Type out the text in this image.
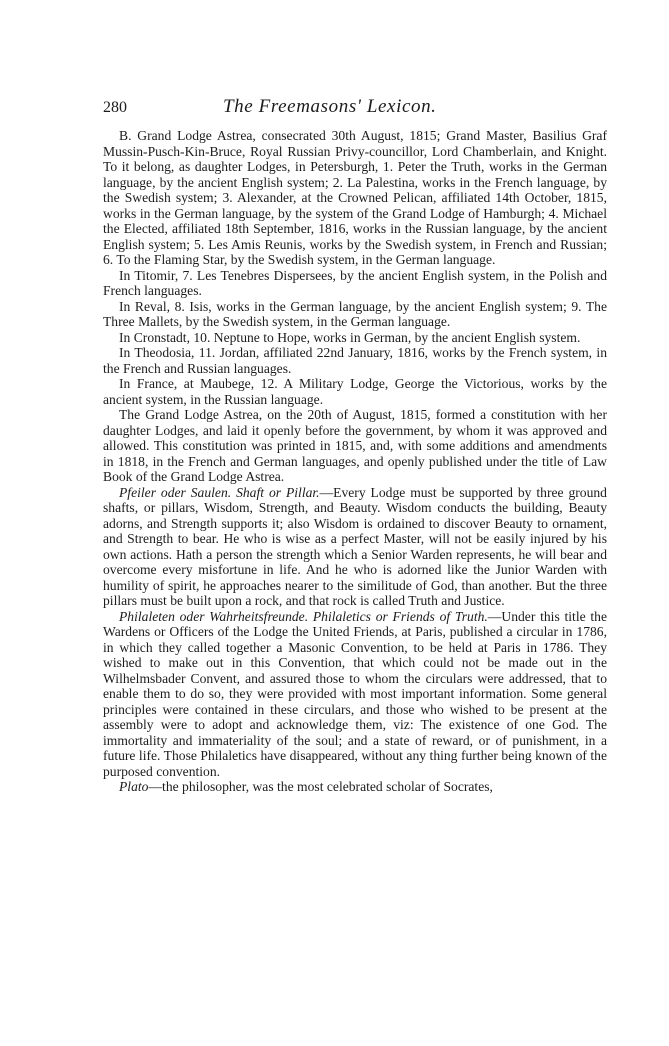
280	The Freemasons' Lexicon.

B. Grand Lodge Astrea, consecrated 30th August, 1815; Grand Master, Basilius Graf Mussin-Pusch-Kin-Bruce, Royal Russian Privy-councillor, Lord Chamberlain, and Knight. To it belong, as daughter Lodges, in Petersburgh, 1. Peter the Truth, works in the German language, by the ancient English system; 2. La Palestina, works in the French language, by the Swedish system; 3. Alexander, at the Crowned Pelican, affiliated 14th October, 1815, works in the German language, by the system of the Grand Lodge of Hamburgh; 4. Michael the Elected, affiliated 18th September, 1816, works in the Russian language, by the ancient English system; 5. Les Amis Reunis, works by the Swedish system, in French and Russian; 6. To the Flaming Star, by the Swedish system, in the German language.

In Titomir, 7. Les Tenebres Dispersees, by the ancient English system, in the Polish and French languages.

In Reval, 8. Isis, works in the German language, by the ancient English system; 9. The Three Mallets, by the Swedish system, in the German language.

In Cronstadt, 10. Neptune to Hope, works in German, by the ancient English system.

In Theodosia, 11. Jordan, affiliated 22nd January, 1816, works by the French system, in the French and Russian languages.

In France, at Maubege, 12. A Military Lodge, George the Victorious, works by the ancient system, in the Russian language.

The Grand Lodge Astrea, on the 20th of August, 1815, formed a constitution with her daughter Lodges, and laid it openly before the government, by whom it was approved and allowed. This constitution was printed in 1815, and, with some additions and amendments in 1818, in the French and German languages, and openly published under the title of Law Book of the Grand Lodge Astrea.

Pfeiler oder Saulen. Shaft or Pillar.—Every Lodge must be supported by three ground shafts, or pillars, Wisdom, Strength, and Beauty. Wisdom conducts the building, Beauty adorns, and Strength supports it; also Wisdom is ordained to discover Beauty to ornament, and Strength to bear. He who is wise as a perfect Master, will not be easily injured by his own actions. Hath a person the strength which a Senior Warden represents, he will bear and overcome every misfortune in life. And he who is adorned like the Junior Warden with humility of spirit, he approaches nearer to the similitude of God, than another. But the three pillars must be built upon a rock, and that rock is called Truth and Justice.

Philaleten oder Wahrheitsfreunde. Philaletics or Friends of Truth.—Under this title the Wardens or Officers of the Lodge the United Friends, at Paris, published a circular in 1786, in which they called together a Masonic Convention, to be held at Paris in 1786. They wished to make out in this Convention, that which could not be made out in the Wilhelmsbader Convent, and assured those to whom the circulars were addressed, that to enable them to do so, they were provided with most important information. Some general principles were contained in these circulars, and those who wished to be present at the assembly were to adopt and acknowledge them, viz: The existence of one God. The immortality and immateriality of the soul; and a state of reward, or of punishment, in a future life. Those Philaletics have disappeared, without any thing further being known of the purposed convention.

Plato—the philosopher, was the most celebrated scholar of Socrates,
